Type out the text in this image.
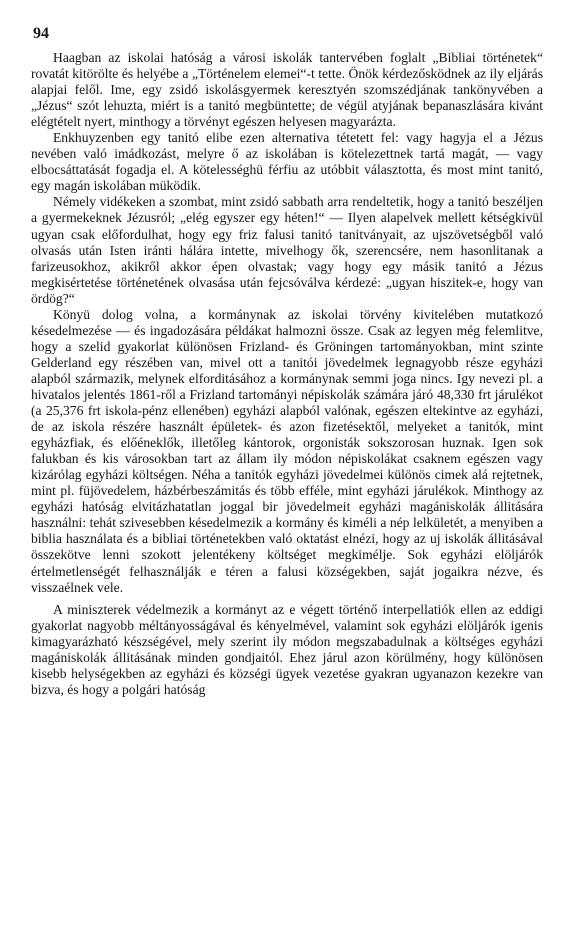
94

Haagban az iskolai hatóság a városi iskolák tantervében foglalt „Bibliai történetek“ rovatát kitörölte és helyébe a „Történelem elemei“-t tette. Önök kérdezősködnek az ily eljárás alapjai felől. Ime, egy zsidó iskolásgyermek keresztyén szomszédjának tankönyvében a „Jézus“ szót lehuzta, miért is a tanitó megbüntette; de végül atyjának bepanaszlására kivánt elégtételt nyert, minthogy a törvényt egészen helyesen magyarázta.

Enkhuyzenben egy tanitó elibe ezen alternativa tétetett fel: vagy hagyja el a Jézus nevében való imádkozást, melyre ő az iskolában is kötelezettnek tartá magát, — vagy elbocsáttatását fogadja el. A kötelességhü férfiu az utóbbit választotta, és most mint tanitó, egy magán iskolában müködik.

Némely vidékeken a szombat, mint zsidó sabbath arra rendeltetik, hogy a tanitó beszéljen a gyermekeknek Jézusról; „elég egyszer egy héten!“ — Ilyen alapelvek mellett kétségkivül ugyan csak előfordulhat, hogy egy friz falusi tanitó tanitványait, az ujszövetségből való olvasás után Isten iránti hálára intette, mivelhogy ők, szerencsére, nem hasonlitanak a farizeusokhoz, akikről akkor épen olvastak; vagy hogy egy másik tanitó a Jézus megkisértetése történetének olvasása után fejcsóválva kérdezé: „ugyan hiszitek-e, hogy van ördög?“

Könyü dolog volna, a kormánynak az iskolai törvény kivitelében mutatkozó késedelmezése — és ingadozására példákat halmozni össze. Csak az legyen még felemlitve, hogy a szelid gyakorlat különösen Frizland- és Gröningen tartományokban, mint szinte Gelderland egy részében van, mivel ott a tanitói jövedelmek legnagyobb része egyházi alapból származik, melynek elforditásához a kormánynak semmi joga nincs. Igy nevezi pl. a hivatalos jelentés 1861-ről a Frizland tartományi népiskolák számára járó 48,330 frt járulékot (a 25,376 frt iskola-pénz ellenében) egyházi alapból valónak, egészen eltekintve az egyházi, de az iskola részére használt épületek- és azon fizetésektől, melyeket a tanitók, mint egyházfiak, és előéneklők, illetőleg kántorok, orgonisták sokszorosan huznak. Igen sok falukban és kis városokban tart az állam ily módon népiskolákat csaknem egészen vagy kizárólag egyházi költségen. Néha a tanitók egyházi jövedelmei különös cimek alá rejtetnek, mint pl. füjövedelem, házbérbeszámitás és több efféle, mint egyházi járulékok. Minthogy az egyházi hatóság elvitázhatatlan joggal bir jövedelmeit egyházi magániskolák állitására használni: tehát szivesebben késedelmezik a kormány és kiméli a nép lelkületét, a menyiben a biblia használata és a bibliai történetekben való oktatást elnézi, hogy az uj iskolák állitásával összekötve lenni szokott jelentékeny költséget megkimélje. Sok egyházi elöljárók értelmetlenségét felhasználják e téren a falusi községekben, saját jogaikra nézve, és visszaélnek vele.

A miniszterek védelmezik a kormányt az e végett történő interpellatiók ellen az eddigi gyakorlat nagyobb méltányosságával és kényelmével, valamint sok egyházi elöljárók igenis kimagyarázható készségével, mely szerint ily módon megszabadulnak a költséges egyházi magániskolák állitásának minden gondjaitól. Ehez járul azon körülmény, hogy különösen kisebb helységekben az egyházi és községi ügyek vezetése gyakran ugyanazon kezekre van bizva, és hogy a polgári hatóság
